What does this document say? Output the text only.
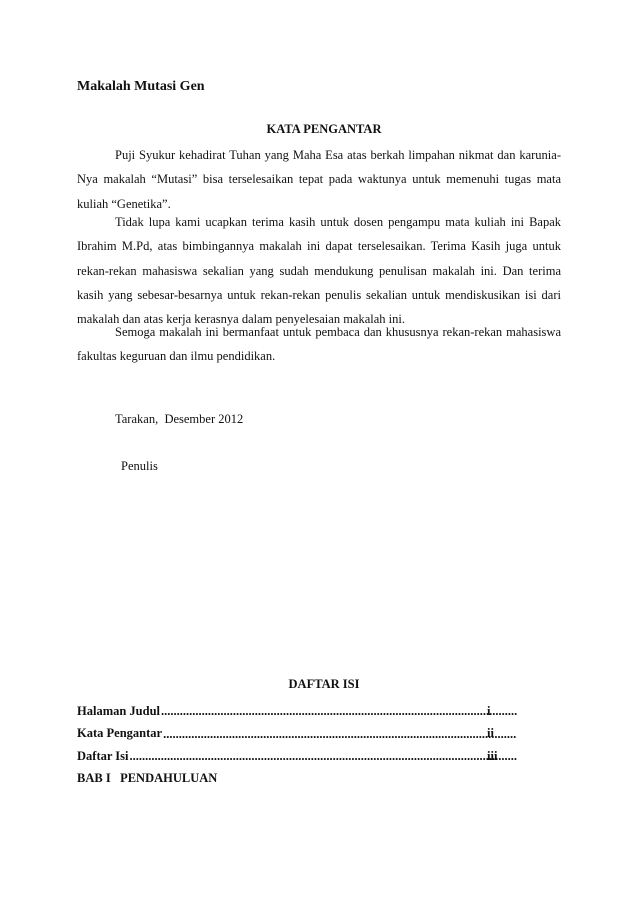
Makalah Mutasi Gen
KATA PENGANTAR

Puji Syukur kehadirat Tuhan yang Maha Esa atas berkah limpahan nikmat dan karunia-Nya makalah “Mutasi” bisa terselesaikan tepat pada waktunya untuk memenuhi tugas mata kuliah “Genetika”.

Tidak lupa kami ucapkan terima kasih untuk dosen pengampu mata kuliah ini Bapak Ibrahim M.Pd, atas bimbingannya makalah ini dapat terselesaikan. Terima Kasih juga untuk rekan-rekan mahasiswa sekalian yang sudah mendukung penulisan makalah ini. Dan terima kasih yang sebesar-besarnya untuk rekan-rekan penulis sekalian untuk mendiskusikan isi dari makalah dan atas kerja kerasnya dalam penyelesaian makalah ini.

Semoga makalah ini bermanfaat untuk pembaca dan khususnya rekan-rekan mahasiswa fakultas keguruan dan ilmu pendidikan.

Tarakan,  Desember 2012
Penulis
DAFTAR ISI
Halaman Judul .....	i
Kata Pengantar .....	ii
Daftar Isi .....	iii
BAB I   PENDAHULUAN
